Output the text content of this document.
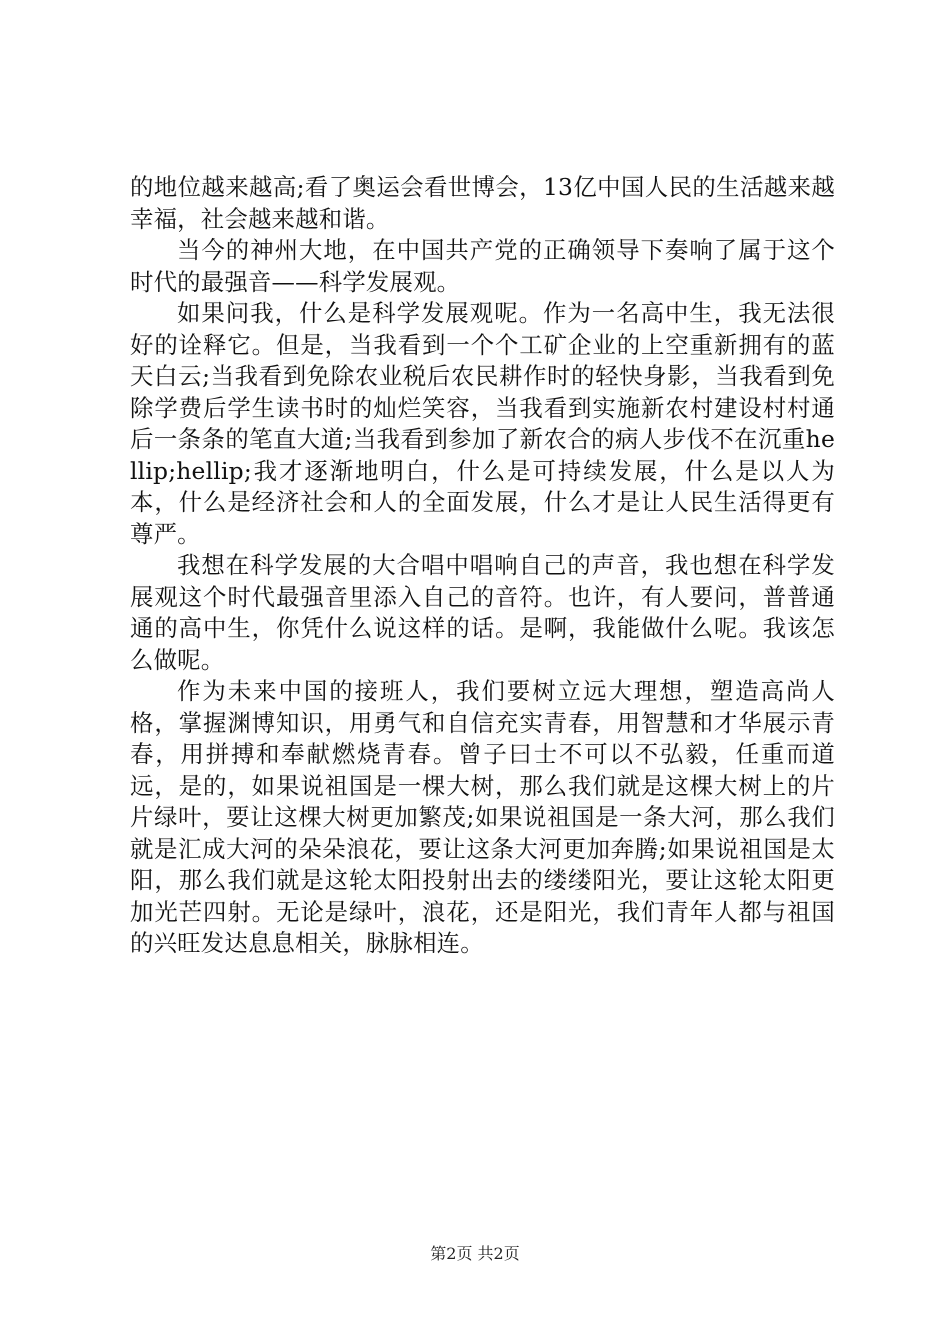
的地位越来越高;看了奥运会看世博会，13亿中国人民的生活越来越幸福，社会越来越和谐。

当今的神州大地，在中国共产党的正确领导下奏响了属于这个时代的最强音——科学发展观。

如果问我，什么是科学发展观呢。作为一名高中生，我无法很好的诠释它。但是，当我看到一个个工矿企业的上空重新拥有的蓝天白云;当我看到免除农业税后农民耕作时的轻快身影，当我看到免除学费后学生读书时的灿烂笑容，当我看到实施新农村建设村村通后一条条的笔直大道;当我看到参加了新农合的病人步伐不在沉重hellip;hellip;我才逐渐地明白，什么是可持续发展，什么是以人为本，什么是经济社会和人的全面发展，什么才是让人民生活得更有尊严。

我想在科学发展的大合唱中唱响自己的声音，我也想在科学发展观这个时代最强音里添入自己的音符。也许，有人要问，普普通通的高中生，你凭什么说这样的话。是啊，我能做什么呢。我该怎么做呢。

作为未来中国的接班人，我们要树立远大理想，塑造高尚人格，掌握渊博知识，用勇气和自信充实青春，用智慧和才华展示青春，用拼搏和奉献燃烧青春。曾子曰士不可以不弘毅，任重而道远，是的，如果说祖国是一棵大树，那么我们就是这棵大树上的片片绿叶，要让这棵大树更加繁茂;如果说祖国是一条大河，那么我们就是汇成大河的朵朵浪花，要让这条大河更加奔腾;如果说祖国是太阳，那么我们就是这轮太阳投射出去的缕缕阳光，要让这轮太阳更加光芒四射。无论是绿叶，浪花，还是阳光，我们青年人都与祖国的兴旺发达息息相关，脉脉相连。

第2页 共2页
